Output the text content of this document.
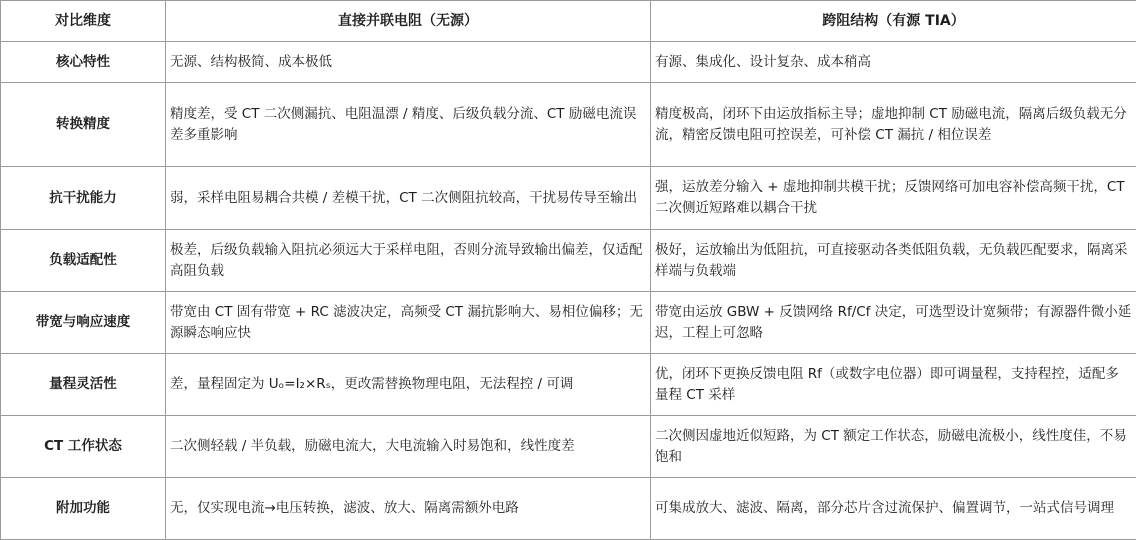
对比维度	直接并联电阻（无源）	跨阻结构（有源 TIA）
核心特性	无源、结构极简、成本极低	有源、集成化、设计复杂、成本稍高
转换精度	精度差，受 CT 二次侧漏抗、电阻温漂 / 精度、后级负载分流、CT 励磁电流误差多重影响	精度极高，闭环下由运放指标主导；虚地抑制 CT 励磁电流，隔离后级负载无分流，精密反馈电阻可控误差，可补偿 CT 漏抗 / 相位误差
抗干扰能力	弱，采样电阻易耦合共模 / 差模干扰，CT 二次侧阻抗较高，干扰易传导至输出	强，运放差分输入 + 虚地抑制共模干扰；反馈网络可加电容补偿高频干扰，CT 二次侧近短路难以耦合干扰
负载适配性	极差，后级负载输入阻抗必须远大于采样电阻，否则分流导致输出偏差，仅适配高阻负载	极好，运放输出为低阻抗，可直接驱动各类低阻负载，无负载匹配要求，隔离采样端与负载端
带宽与响应速度	带宽由 CT 固有带宽 + RC 滤波决定，高频受 CT 漏抗影响大、易相位偏移；无源瞬态响应快	带宽由运放 GBW + 反馈网络 Rf/Cf 决定，可选型设计宽频带；有源器件微小延迟，工程上可忽略
量程灵活性	差，量程固定为 Uₒ=I₂×Rₛ，更改需替换物理电阻，无法程控 / 可调	优，闭环下更换反馈电阻 Rf（或数字电位器）即可调量程，支持程控，适配多量程 CT 采样
CT 工作状态	二次侧轻载 / 半负载，励磁电流大，大电流输入时易饱和，线性度差	二次侧因虚地近似短路，为 CT 额定工作状态，励磁电流极小，线性度佳，不易饱和
附加功能	无，仅实现电流→电压转换，滤波、放大、隔离需额外电路	可集成放大、滤波、隔离，部分芯片含过流保护、偏置调节，一站式信号调理
